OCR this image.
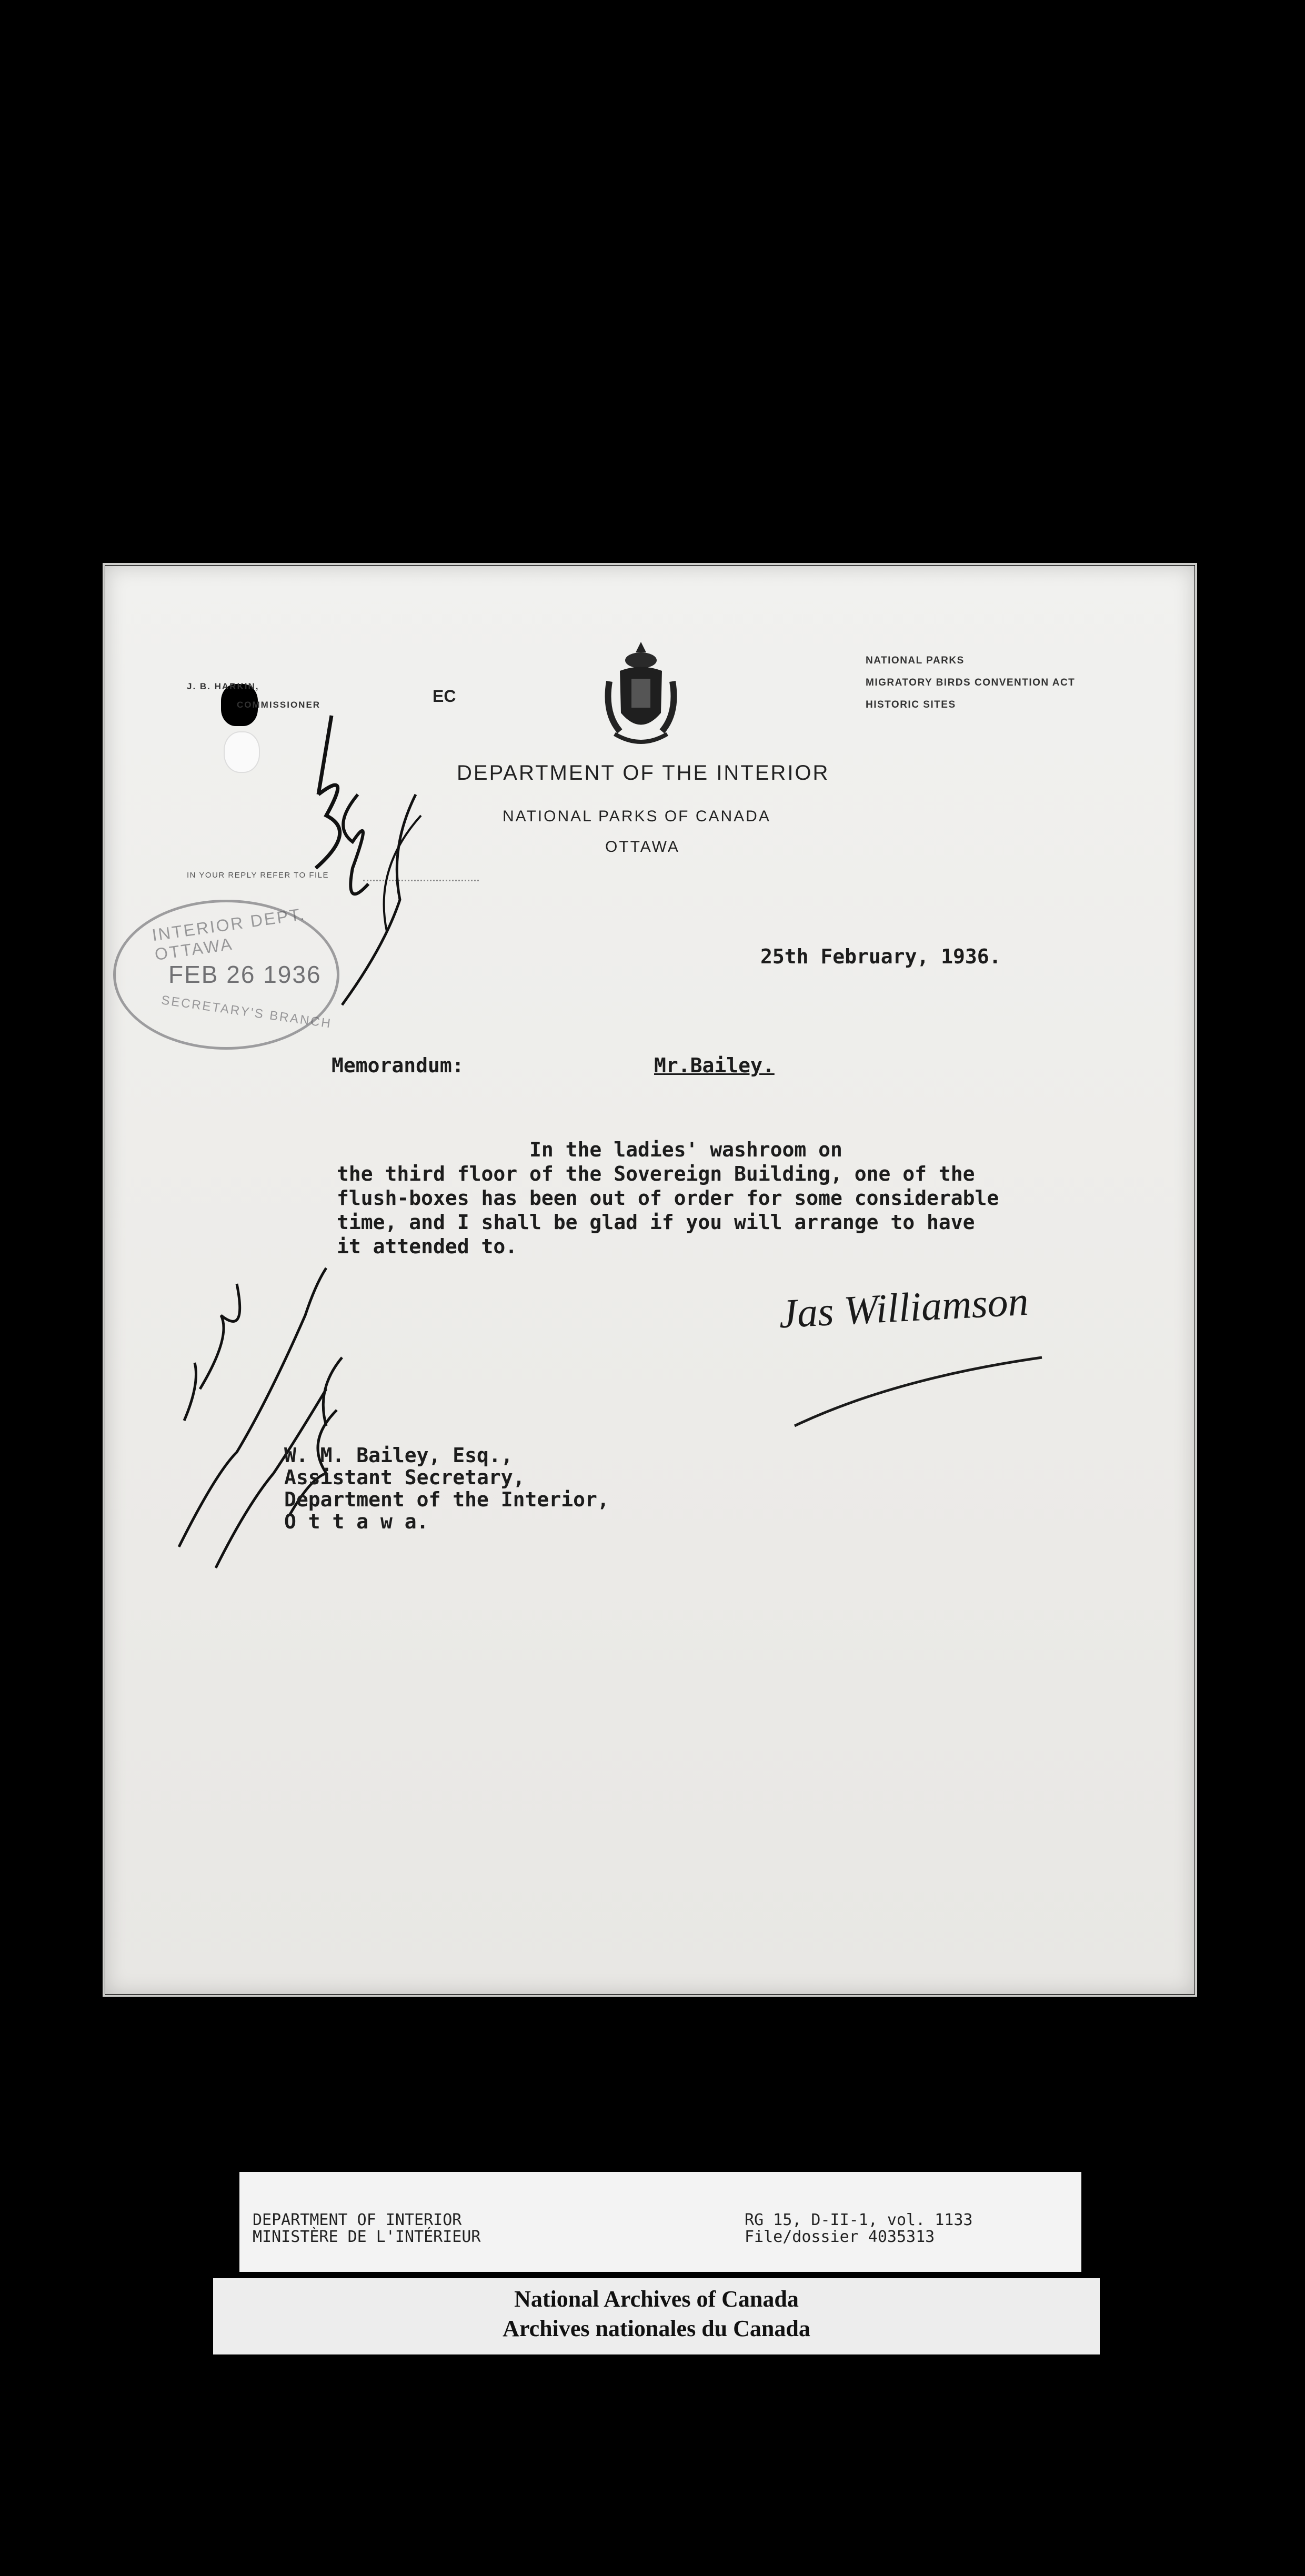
J. B. HARKIN,
COMMISSIONER	EC
NATIONAL PARKS
MIGRATORY BIRDS CONVENTION ACT
HISTORIC SITES
DEPARTMENT OF THE INTERIOR
NATIONAL PARKS OF CANADA
OTTAWA
IN YOUR REPLY REFER TO FILE
INTERIOR DEPT. OTTAWA
FEB 26 1936
SECRETARY'S BRANCH
25th February, 1936.
Memorandum:	Mr.Bailey.
In the ladies' washroom on
the third floor of the Sovereign Building, one of the
flush-boxes has been out of order for some considerable
time, and I shall be glad if you will arrange to have
it attended to.
Jas Williamson
W. M. Bailey, Esq.,
Assistant Secretary,
Department of the Interior,
O t t a w a.
DEPARTMENT OF INTERIOR
MINISTÈRE DE L'INTÉRIEUR
RG 15, D-II-1, vol. 1133
File/dossier 4035313
National Archives of Canada
Archives nationales du Canada
